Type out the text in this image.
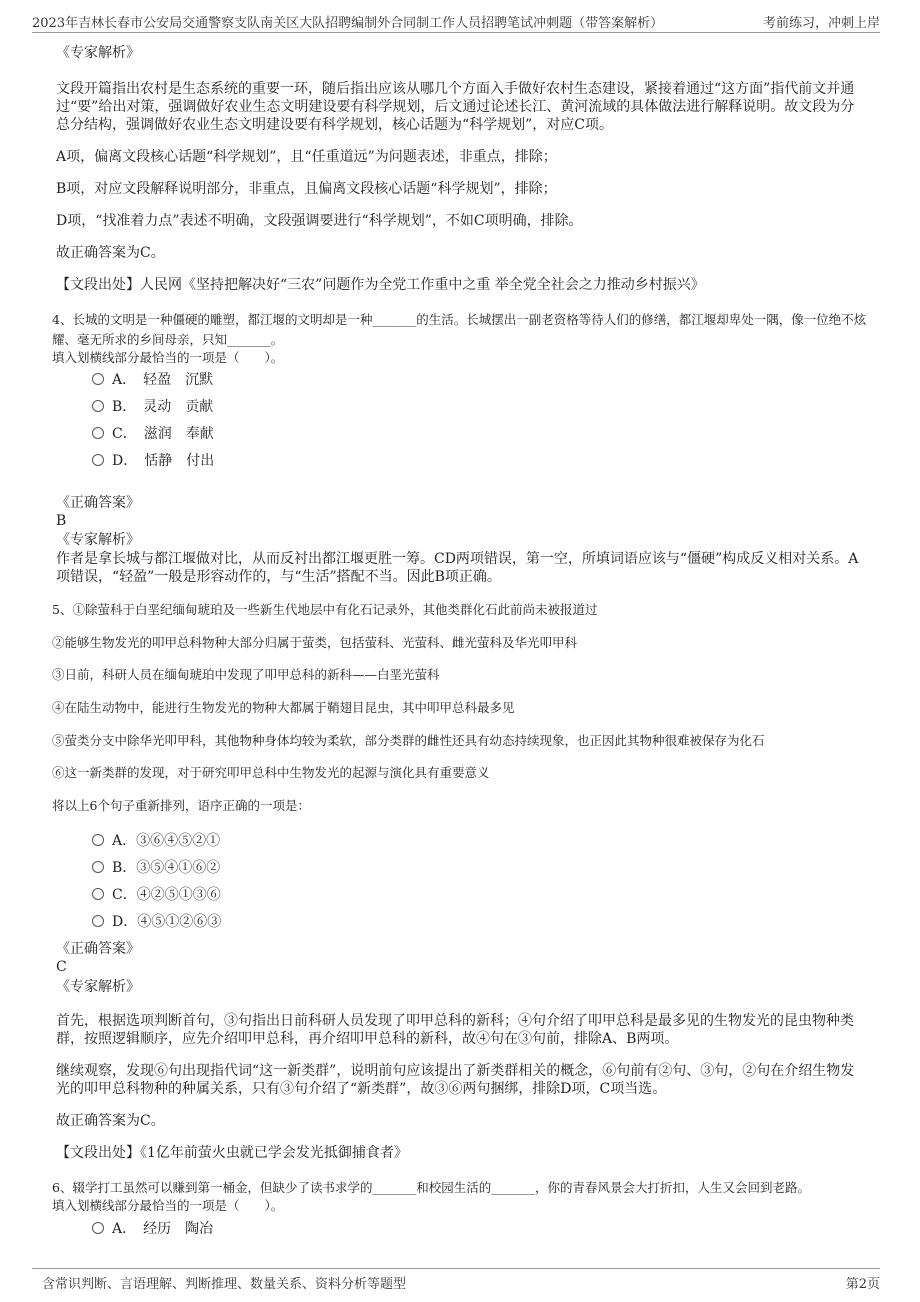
2023年吉林长春市公安局交通警察支队南关区大队招聘编制外合同制工作人员招聘笔试冲刺题（带答案解析）	考前练习，冲刺上岸
《专家解析》
文段开篇指出农村是生态系统的重要一环，随后指出应该从哪几个方面入手做好农村生态建设，紧接着通过“这方面”指代前文并通过“要”给出对策，强调做好农业生态文明建设要有科学规划，后文通过论述长江、黄河流域的具体做法进行解释说明。故文段为分总分结构，强调做好农业生态文明建设要有科学规划，核心话题为“科学规划”，对应C项。
A项，偏离文段核心话题“科学规划”，且“任重道远”为问题表述，非重点，排除；
B项，对应文段解释说明部分，非重点，且偏离文段核心话题“科学规划”，排除；
D项，“找准着力点”表述不明确，文段强调要进行“科学规划”，不如C项明确，排除。
故正确答案为C。
【文段出处】人民网《坚持把解决好“三农”问题作为全党工作重中之重 举全党全社会之力推动乡村振兴》
4、长城的文明是一种僵硬的雕塑，都江堰的文明却是一种_______的生活。长城摆出一副老资格等待人们的修缮，都江堰却卑处一隅，像一位绝不炫耀、毫无所求的乡间母亲，只知_______。
填入划横线部分最恰当的一项是（　　）。
A．　轻盈　沉默
B．　灵动　贡献
C．　滋润　奉献
D．　恬静　付出
《正确答案》
B
《专家解析》
作者是拿长城与都江堰做对比，从而反衬出都江堰更胜一筹。CD两项错误，第一空，所填词语应该与“僵硬”构成反义相对关系。A项错误，“轻盈”一般是形容动作的，与“生活”搭配不当。因此B项正确。
5、①除萤科于白垩纪缅甸琥珀及一些新生代地层中有化石记录外，其他类群化石此前尚未被报道过
②能够生物发光的叩甲总科物种大部分归属于萤类，包括萤科、光萤科、雌光萤科及华光叩甲科
③日前，科研人员在缅甸琥珀中发现了叩甲总科的新科——白垩光萤科
④在陆生动物中，能进行生物发光的物种大都属于鞘翅目昆虫，其中叩甲总科最多见
⑤萤类分支中除华光叩甲科，其他物种身体均较为柔软，部分类群的雌性还具有幼态持续现象，也正因此其物种很难被保存为化石
⑥这一新类群的发现，对于研究叩甲总科中生物发光的起源与演化具有重要意义
将以上6个句子重新排列，语序正确的一项是：
A．③⑥④⑤②①
B．③⑤④①⑥②
C．④②⑤①③⑥
D．④⑤①②⑥③
《正确答案》
C
《专家解析》
首先，根据选项判断首句，③句指出日前科研人员发现了叩甲总科的新科；④句介绍了叩甲总科是最多见的生物发光的昆虫物种类群，按照逻辑顺序，应先介绍叩甲总科，再介绍叩甲总科的新科，故④句在③句前，排除A、B两项。
继续观察，发现⑥句出现指代词“这一新类群”，说明前句应该提出了新类群相关的概念，⑥句前有②句、③句，②句在介绍生物发光的叩甲总科物种的种属关系，只有③句介绍了“新类群”，故③⑥两句捆绑，排除D项，C项当选。
故正确答案为C。
【文段出处】《1亿年前萤火虫就已学会发光抵御捕食者》
6、辍学打工虽然可以赚到第一桶金，但缺少了读书求学的_______和校园生活的_______，你的青春风景会大打折扣，人生又会回到老路。
填入划横线部分最恰当的一项是（　　）。
A．　经历　陶冶
含常识判断、言语理解、判断推理、数量关系、资料分析等题型	第2页
